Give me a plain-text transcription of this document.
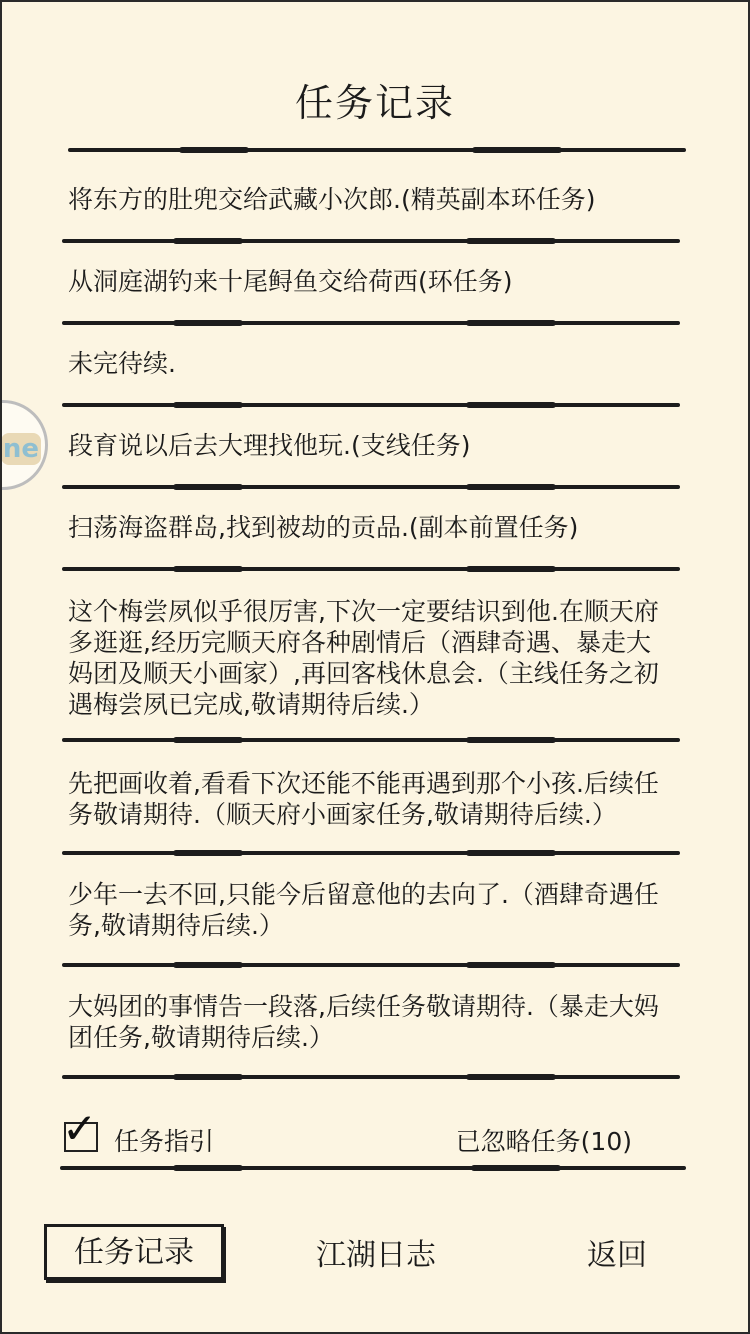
任务记录
将东方的肚兜交给武藏小次郎.(精英副本环任务)
从洞庭湖钓来十尾鲟鱼交给荷西(环任务)
未完待续.
段育说以后去大理找他玩.(支线任务)
扫荡海盗群岛,找到被劫的贡品.(副本前置任务)
这个梅尝夙似乎很厉害,下次一定要结识到他.在顺天府多逛逛,经历完顺天府各种剧情后（酒肆奇遇、暴走大妈团及顺天小画家）,再回客栈休息会.（主线任务之初遇梅尝夙已完成,敬请期待后续.）
先把画收着,看看下次还能不能再遇到那个小孩.后续任务敬请期待.（顺天府小画家任务,敬请期待后续.）
少年一去不回,只能今后留意他的去向了.（酒肆奇遇任务,敬请期待后续.）
大妈团的事情告一段落,后续任务敬请期待.（暴走大妈团任务,敬请期待后续.）
✓ 任务指引	已忽略任务(10)
任务记录	江湖日志	返回
ne
